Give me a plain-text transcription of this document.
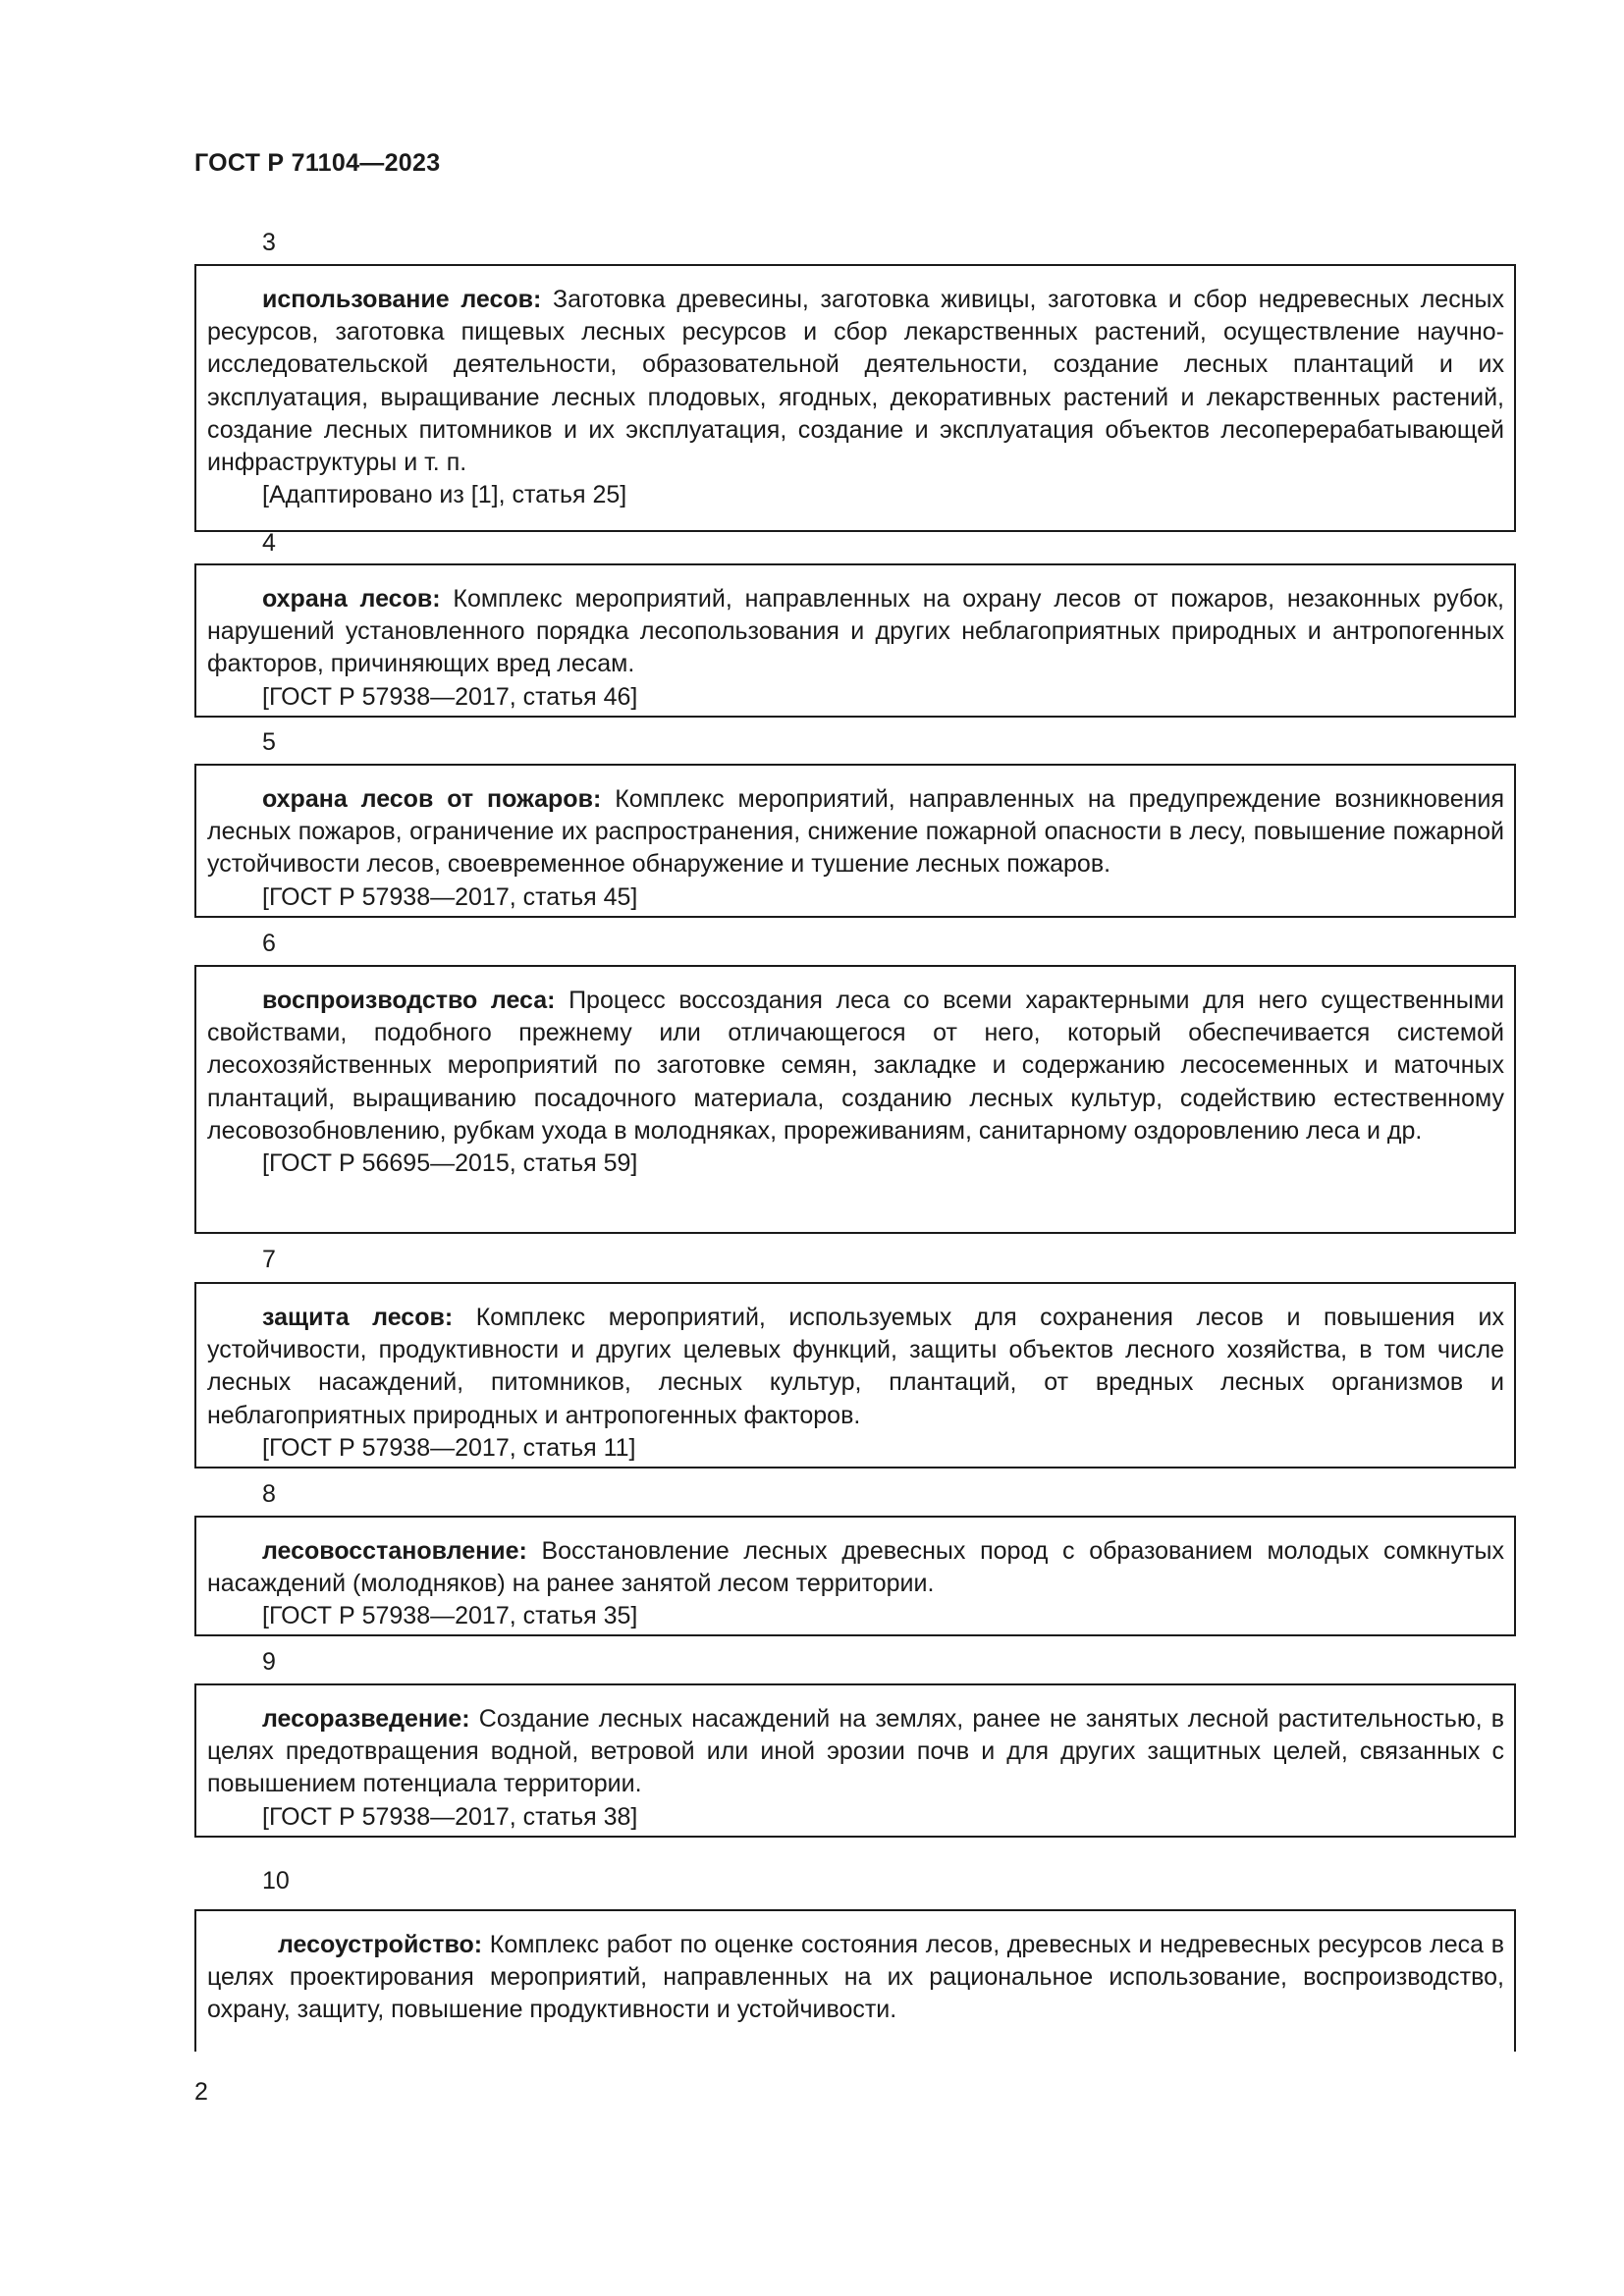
ГОСТ Р 71104—2023
3

использование лесов: Заготовка древесины, заготовка живицы, заготовка и сбор недревесных лесных ресурсов, заготовка пищевых лесных ресурсов и сбор лекарственных растений, осуществление научно-исследовательской деятельности, образовательной деятельности, создание лесных плантаций и их эксплуатация, выращивание лесных плодовых, ягодных, декоративных растений и лекарственных растений, создание лесных питомников и их эксплуатация, создание и эксплуатация объектов лесоперерабатывающей инфраструктуры и т. п.

[Адаптировано из [1], статья 25]

4

охрана лесов: Комплекс мероприятий, направленных на охрану лесов от пожаров, незаконных рубок, нарушений установленного порядка лесопользования и других неблагоприятных природных и антропогенных факторов, причиняющих вред лесам.

[ГОСТ Р 57938—2017, статья 46]

5

охрана лесов от пожаров: Комплекс мероприятий, направленных на предупреждение возникновения лесных пожаров, ограничение их распространения, снижение пожарной опасности в лесу, повышение пожарной устойчивости лесов, своевременное обнаружение и тушение лесных пожаров.

[ГОСТ Р 57938—2017, статья 45]

6

воспроизводство леса: Процесс воссоздания леса со всеми характерными для него существенными свойствами, подобного прежнему или отличающегося от него, который обеспечивается системой лесохозяйственных мероприятий по заготовке семян, закладке и содержанию лесосеменных и маточных плантаций, выращиванию посадочного материала, созданию лесных культур, содействию естественному лесовозобновлению, рубкам ухода в молодняках, прореживаниям, санитарному оздоровлению леса и др.

[ГОСТ Р 56695—2015, статья 59]

7

защита лесов: Комплекс мероприятий, используемых для сохранения лесов и повышения их устойчивости, продуктивности и других целевых функций, защиты объектов лесного хозяйства, в том числе лесных насаждений, питомников, лесных культур, плантаций, от вредных лесных организмов и неблагоприятных природных и антропогенных факторов.

[ГОСТ Р 57938—2017, статья 11]

8

лесовосстановление: Восстановление лесных древесных пород с образованием молодых сомкнутых насаждений (молодняков) на ранее занятой лесом территории.

[ГОСТ Р 57938—2017, статья 35]

9

лесоразведение: Создание лесных насаждений на землях, ранее не занятых лесной растительностью, в целях предотвращения водной, ветровой или иной эрозии почв и для других защитных целей, связанных с повышением потенциала территории.

[ГОСТ Р 57938—2017, статья 38]

10

лесоустройство: Комплекс работ по оценке состояния лесов, древесных и недревесных ресурсов леса в целях проектирования мероприятий, направленных на их рациональное использование, воспроизводство, охрану, защиту, повышение продуктивности и устойчивости.

2
